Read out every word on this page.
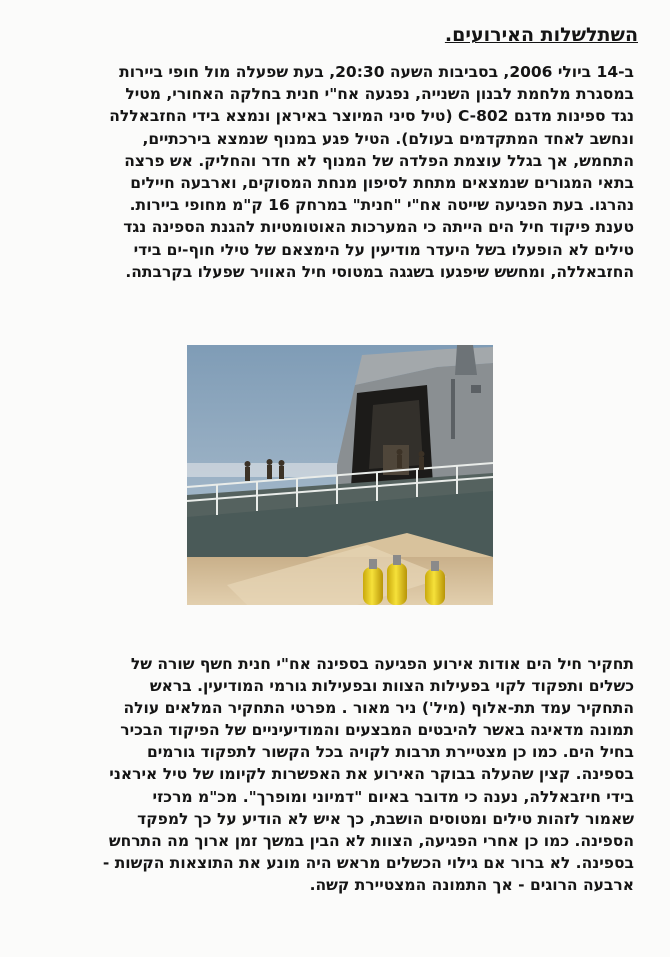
השתלשלות האירועים.
ב-14 ביולי 2006, בסביבות השעה 20:30, בעת שפעלה מול חופי ביירות
במסגרת מלחמת לבנון השנייה, נפגעה אח"י חנית בחלקה האחורי, מטיל
נגד ספינות מדגם C-802 (טיל סיני המיוצר באיראן ונמצא בידי החזבאללה
ונחשב לאחד המתקדמים בעולם). הטיל פגע במנוף שנמצא בירכתיים,
התחמש, אך בגלל עוצמת הפלדה של המנוף לא חדר והחליק. אש פרצה
בתאי המגורים שנמצאים מתחת לסיפון מנחת המסוקים, וארבעה חיילים
נהרגו. בעת הפגיעה שייטה אח"י "חנית" במרחק 16 ק"מ מחופי ביירות.
טענת פיקוד חיל הים הייתה כי המערכות האוטומטיות להגנת הספינה נגד
טילים לא הופעלו בשל היעדר מודיעין על הימצאם של טילי חוף-ים בידי
החזבאללה, ומחשש שיפגעו בשגגה במטוסי חיל האוויר שפעלו בקרבתה.
תחקיר חיל הים אודות אירוע הפגיעה בספינה אח"י חנית חשף שורה של
כשלים ותפקוד לקוי בפעילות הצוות ובפעילות גורמי המודיעין. בראש
התחקיר עמד תת-אלוף (מיל') ניר מאור . מפרטי התחקיר המלאים עולה
תמונה מדאיגה באשר להיבטים המבצעים והמודיעיניים של הפיקוד הבכיר
בחיל הים. כמו כן מצטיירת תרבות לקויה בכל הקשור לתפקוד גורמים
בספינה. קצין שהעלה בבוקר האירוע את האפשרות לקיומו של טיל איראני
בידי חיזבאללה, נענה כי מדובר באיום "דמיוני ומופרך". מכ"מ מרכזי
שאמור לזהות טילים ומטוסים הושבת, כך איש לא הודיע על כך למפקד
הספינה. כמו כן אחרי הפגיעה, הצוות לא הבין במשך זמן ארוך מה התרחש
בספינה. לא ברור אם גילוי הכשלים מראש היה מונע את התוצאות הקשות -
ארבעה הרוגים - אך התמונה המצטיירת קשה.
